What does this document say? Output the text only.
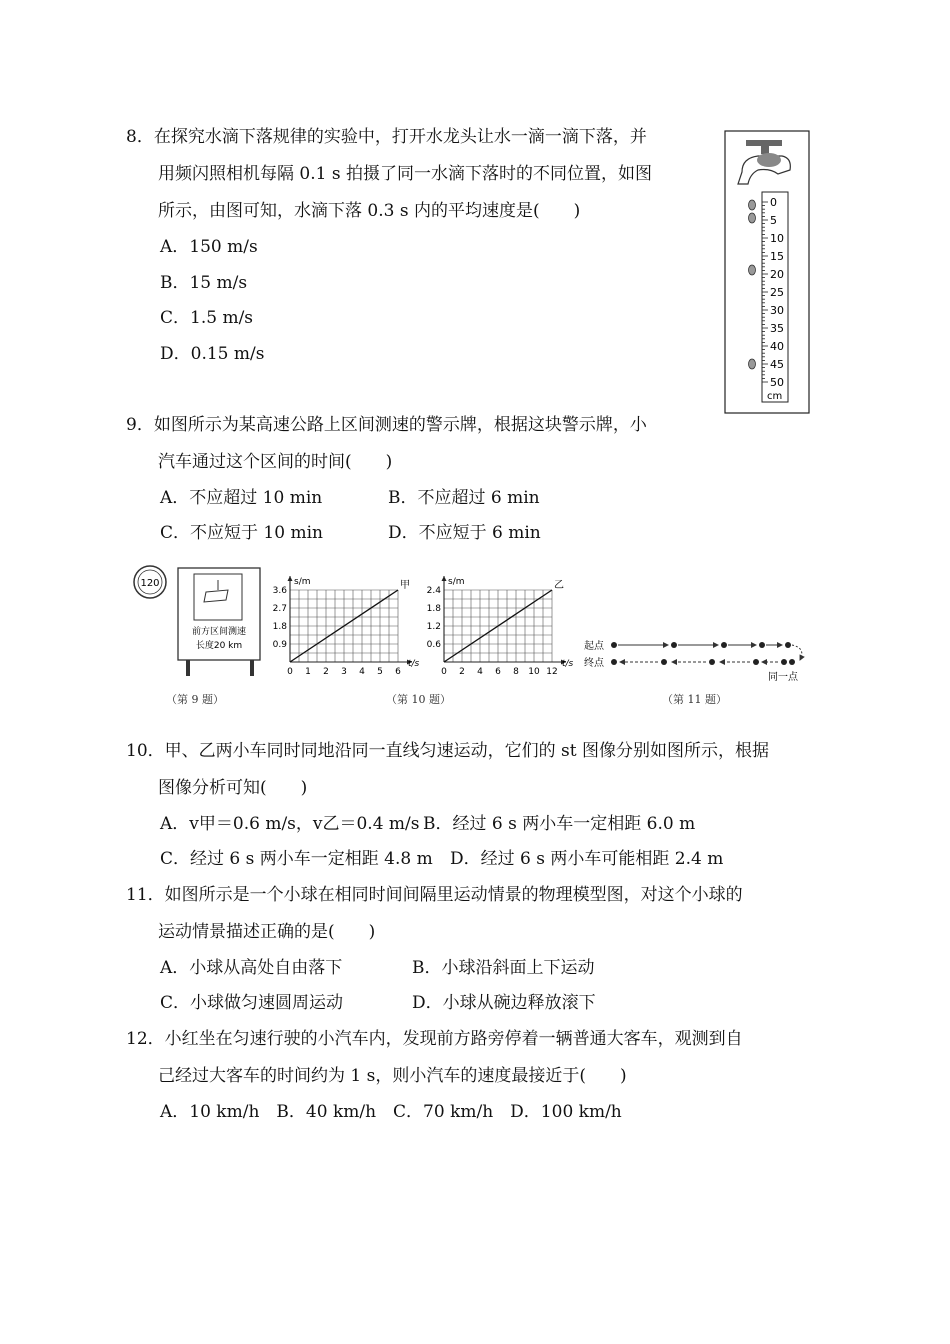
8．在探究水滴下落规律的实验中，打开水龙头让水一滴一滴下落，并
用频闪照相机每隔 0.1 s 拍摄了同一水滴下落时的不同位置，如图
所示，由图可知，水滴下落 0.3 s 内的平均速度是(　　)
A．150 m/s
B．15 m/s
C．1.5 m/s
D．0.15 m/s
0
5
10
15
20
25
30
35
40
45
50
cm
9．如图所示为某高速公路上区间测速的警示牌，根据这块警示牌，小
汽车通过这个区间的时间(　　)
A．不应超过 10 min	B．不应超过 6 min
C．不应短于 10 min	D．不应短于 6 min
120
前方区间测速
长度20 km
（第 9 题）
0 1 2 3 4 5 6
0.9
1.8
2.7
3.6
s/m
t/s
甲
0 2 4 6 8 10 12
0.6
1.2
1.8
2.4
s/m
t/s
乙
（第 10 题）
起点
终点
同一点
（第 11 题）
10．甲、乙两小车同时同地沿同一直线匀速运动，它们的 st 图像分别如图所示，根据
图像分析可知(　　)
A．v甲＝0.6 m/s，v乙＝0.4 m/s B．经过 6 s 两小车一定相距 6.0 m
C．经过 6 s 两小车一定相距 4.8 m D．经过 6 s 两小车可能相距 2.4 m
11．如图所示是一个小球在相同时间间隔里运动情景的物理模型图，对这个小球的
运动情景描述正确的是(　　)
A．小球从高处自由落下	B．小球沿斜面上下运动
C．小球做匀速圆周运动	D．小球从碗边释放滚下
12．小红坐在匀速行驶的小汽车内，发现前方路旁停着一辆普通大客车，观测到自
己经过大客车的时间约为 1 s，则小汽车的速度最接近于(　　)
A．10 km/h　B．40 km/h　C．70 km/h　D．100 km/h
